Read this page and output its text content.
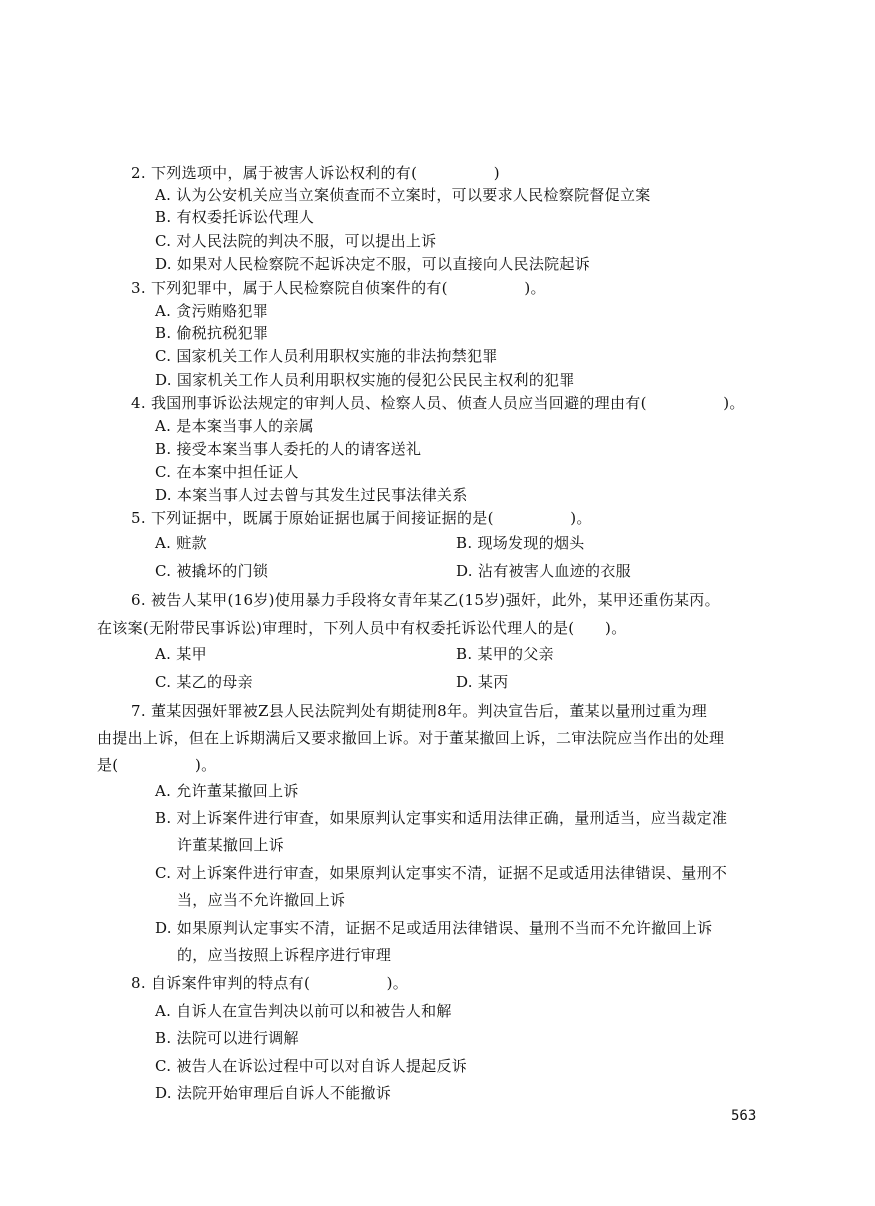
2. 下列选项中，属于被害人诉讼权利的有(　　　　　)
A. 认为公安机关应当立案侦查而不立案时，可以要求人民检察院督促立案
B. 有权委托诉讼代理人
C. 对人民法院的判决不服，可以提出上诉
D. 如果对人民检察院不起诉决定不服，可以直接向人民法院起诉
3. 下列犯罪中，属于人民检察院自侦案件的有(　　　　　)。
A. 贪污贿赂犯罪
B. 偷税抗税犯罪
C. 国家机关工作人员利用职权实施的非法拘禁犯罪
D. 国家机关工作人员利用职权实施的侵犯公民民主权利的犯罪
4. 我国刑事诉讼法规定的审判人员、检察人员、侦查人员应当回避的理由有(　　　　　)。
A. 是本案当事人的亲属
B. 接受本案当事人委托的人的请客送礼
C. 在本案中担任证人
D. 本案当事人过去曾与其发生过民事法律关系
5. 下列证据中，既属于原始证据也属于间接证据的是(　　　　　)。
A. 赃款	B. 现场发现的烟头
C. 被撬坏的门锁	D. 沾有被害人血迹的衣服
6. 被告人某甲(16岁)使用暴力手段将女青年某乙(15岁)强奸，此外，某甲还重伤某丙。
在该案(无附带民事诉讼)审理时，下列人员中有权委托诉讼代理人的是(　　)。
A. 某甲	B. 某甲的父亲
C. 某乙的母亲	D. 某丙
7. 董某因强奸罪被Z县人民法院判处有期徒刑8年。判决宣告后，董某以量刑过重为理
由提出上诉，但在上诉期满后又要求撤回上诉。对于董某撤回上诉，二审法院应当作出的处理
是(　　　　　)。
A. 允许董某撤回上诉
B. 对上诉案件进行审查，如果原判认定事实和适用法律正确，量刑适当，应当裁定准
许董某撤回上诉
C. 对上诉案件进行审查，如果原判认定事实不清，证据不足或适用法律错误、量刑不
当，应当不允许撤回上诉
D. 如果原判认定事实不清，证据不足或适用法律错误、量刑不当而不允许撤回上诉
的，应当按照上诉程序进行审理
8. 自诉案件审判的特点有(　　　　　)。
A. 自诉人在宣告判决以前可以和被告人和解
B. 法院可以进行调解
C. 被告人在诉讼过程中可以对自诉人提起反诉
D. 法院开始审理后自诉人不能撤诉
563
